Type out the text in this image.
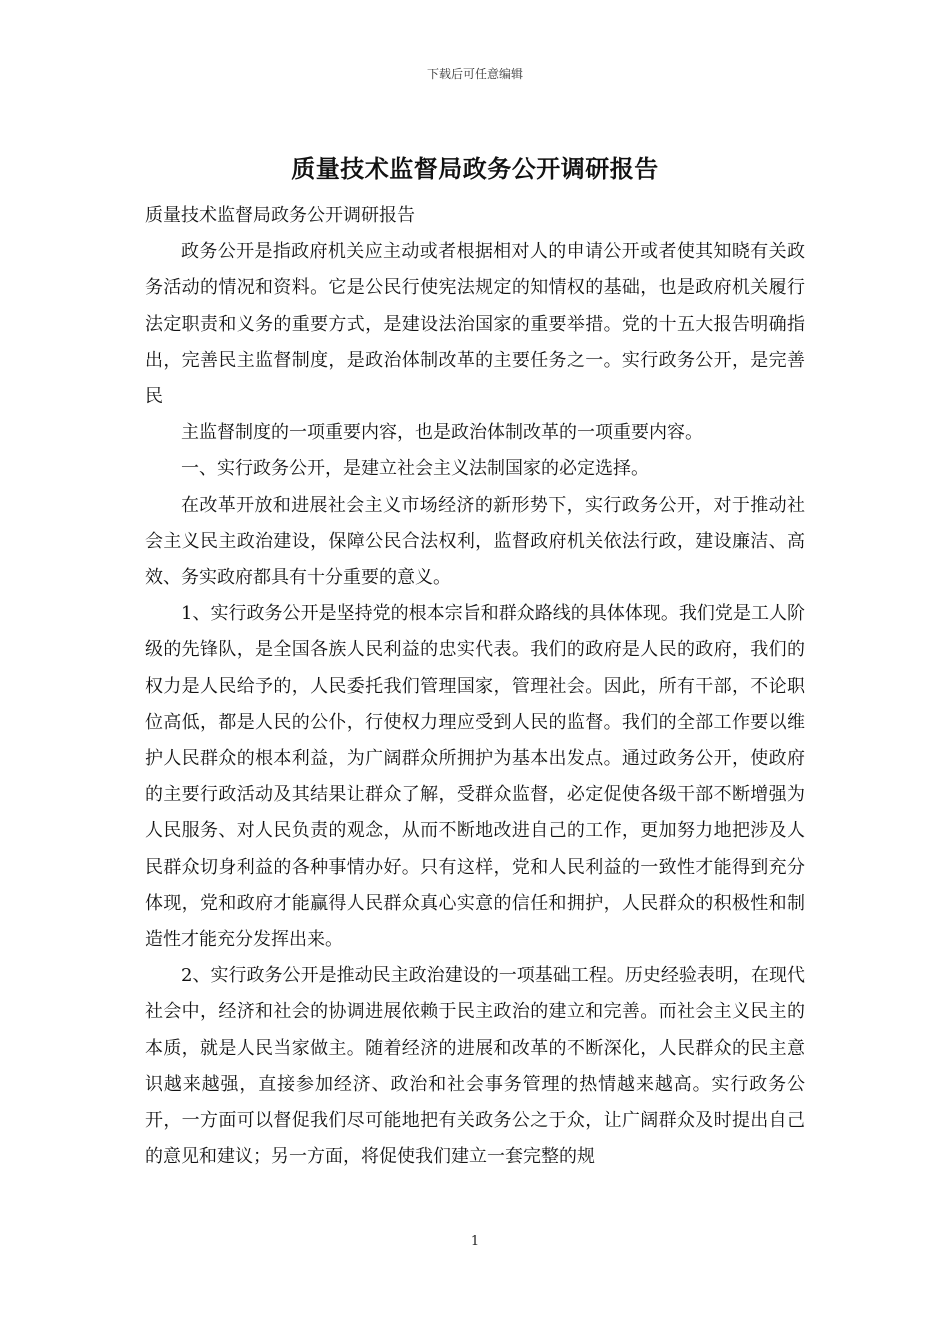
下载后可任意编辑
质量技术监督局政务公开调研报告

质量技术监督局政务公开调研报告

政务公开是指政府机关应主动或者根据相对人的申请公开或者使其知晓有关政务活动的情况和资料。它是公民行使宪法规定的知情权的基础，也是政府机关履行法定职责和义务的重要方式，是建设法治国家的重要举措。党的十五大报告明确指出，完善民主监督制度，是政治体制改革的主要任务之一。实行政务公开，是完善民

主监督制度的一项重要内容，也是政治体制改革的一项重要内容。

一、实行政务公开，是建立社会主义法制国家的必定选择。

在改革开放和进展社会主义市场经济的新形势下，实行政务公开，对于推动社会主义民主政治建设，保障公民合法权利，监督政府机关依法行政，建设廉洁、高效、务实政府都具有十分重要的意义。

1、实行政务公开是坚持党的根本宗旨和群众路线的具体体现。我们党是工人阶级的先锋队，是全国各族人民利益的忠实代表。我们的政府是人民的政府，我们的权力是人民给予的，人民委托我们管理国家，管理社会。因此，所有干部，不论职位高低，都是人民的公仆，行使权力理应受到人民的监督。我们的全部工作要以维护人民群众的根本利益，为广阔群众所拥护为基本出发点。通过政务公开，使政府的主要行政活动及其结果让群众了解，受群众监督，必定促使各级干部不断增强为人民服务、对人民负责的观念，从而不断地改进自己的工作，更加努力地把涉及人民群众切身利益的各种事情办好。只有这样，党和人民利益的一致性才能得到充分体现，党和政府才能赢得人民群众真心实意的信任和拥护，人民群众的积极性和制造性才能充分发挥出来。

2、实行政务公开是推动民主政治建设的一项基础工程。历史经验表明，在现代社会中，经济和社会的协调进展依赖于民主政治的建立和完善。而社会主义民主的本质，就是人民当家做主。随着经济的进展和改革的不断深化，人民群众的民主意识越来越强，直接参加经济、政治和社会事务管理的热情越来越高。实行政务公开，一方面可以督促我们尽可能地把有关政务公之于众，让广阔群众及时提出自己的意见和建议；另一方面，将促使我们建立一套完整的规

1
